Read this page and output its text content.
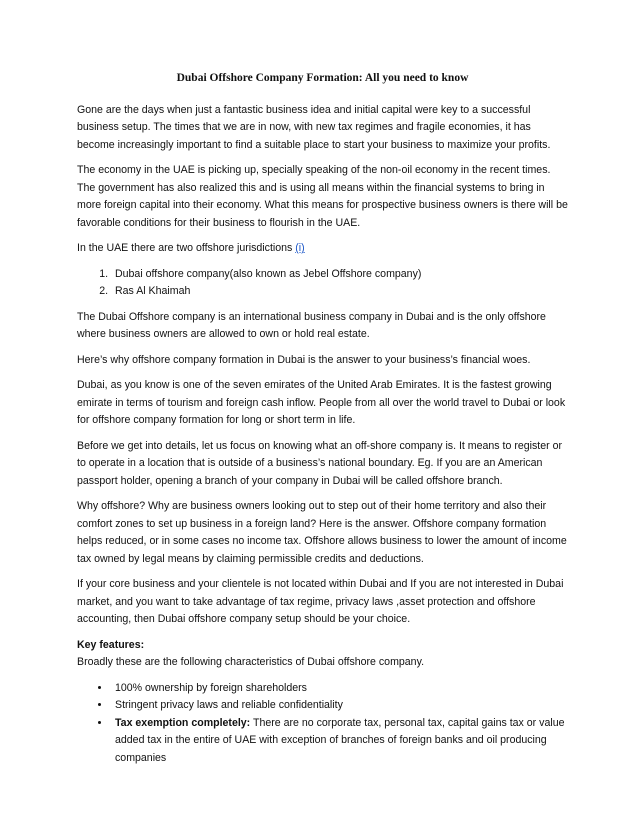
Dubai Offshore Company Formation: All you need to know

Gone are the days when just a fantastic business idea and initial capital were key to a successful business setup. The times that we are in now, with new tax regimes and fragile economies, it has become increasingly important to find a suitable place to start your business to maximize your profits.

The economy in the UAE is picking up, specially speaking of the non-oil economy in the recent times. The government has also realized this and is using all means within the financial systems to bring in more foreign capital into their economy. What this means for prospective business owners is there will be favorable conditions for their business to flourish in the UAE.

In the UAE there are two offshore jurisdictions (i)

1. Dubai offshore company(also known as Jebel Offshore company)
2. Ras Al Khaimah

The Dubai Offshore company is an international business company in Dubai and is the only offshore where business owners are allowed to own or hold real estate.

Here’s why offshore company formation in Dubai is the answer to your business’s financial woes.

Dubai, as you know is one of the seven emirates of the United Arab Emirates. It is the fastest growing emirate in terms of tourism and foreign cash inflow. People from all over the world travel to Dubai or look for offshore company formation for long or short term in life.

Before we get into details, let us focus on knowing what an off-shore company is. It means to register or to operate in a location that is outside of a business’s national boundary. Eg. If you are an American passport holder, opening a branch of your company in Dubai will be called offshore branch.

Why offshore? Why are business owners looking out to step out of their home territory and also their comfort zones to set up business in a foreign land? Here is the answer. Offshore company formation helps reduced, or in some cases no income tax. Offshore allows business to lower the amount of income tax owned by legal means by claiming permissible credits and deductions.

If your core business and your clientele is not located within Dubai and If you are not interested in Dubai market, and you want to take advantage of tax regime, privacy laws ,asset protection and offshore accounting, then Dubai offshore company setup should be your choice.

Key features:

Broadly these are the following characteristics of Dubai offshore company.

• 100% ownership by foreign shareholders
• Stringent privacy laws and reliable confidentiality
• Tax exemption completely: There are no corporate tax, personal tax, capital gains tax or value added tax in the entire of UAE with exception of branches of foreign banks and oil producing companies
